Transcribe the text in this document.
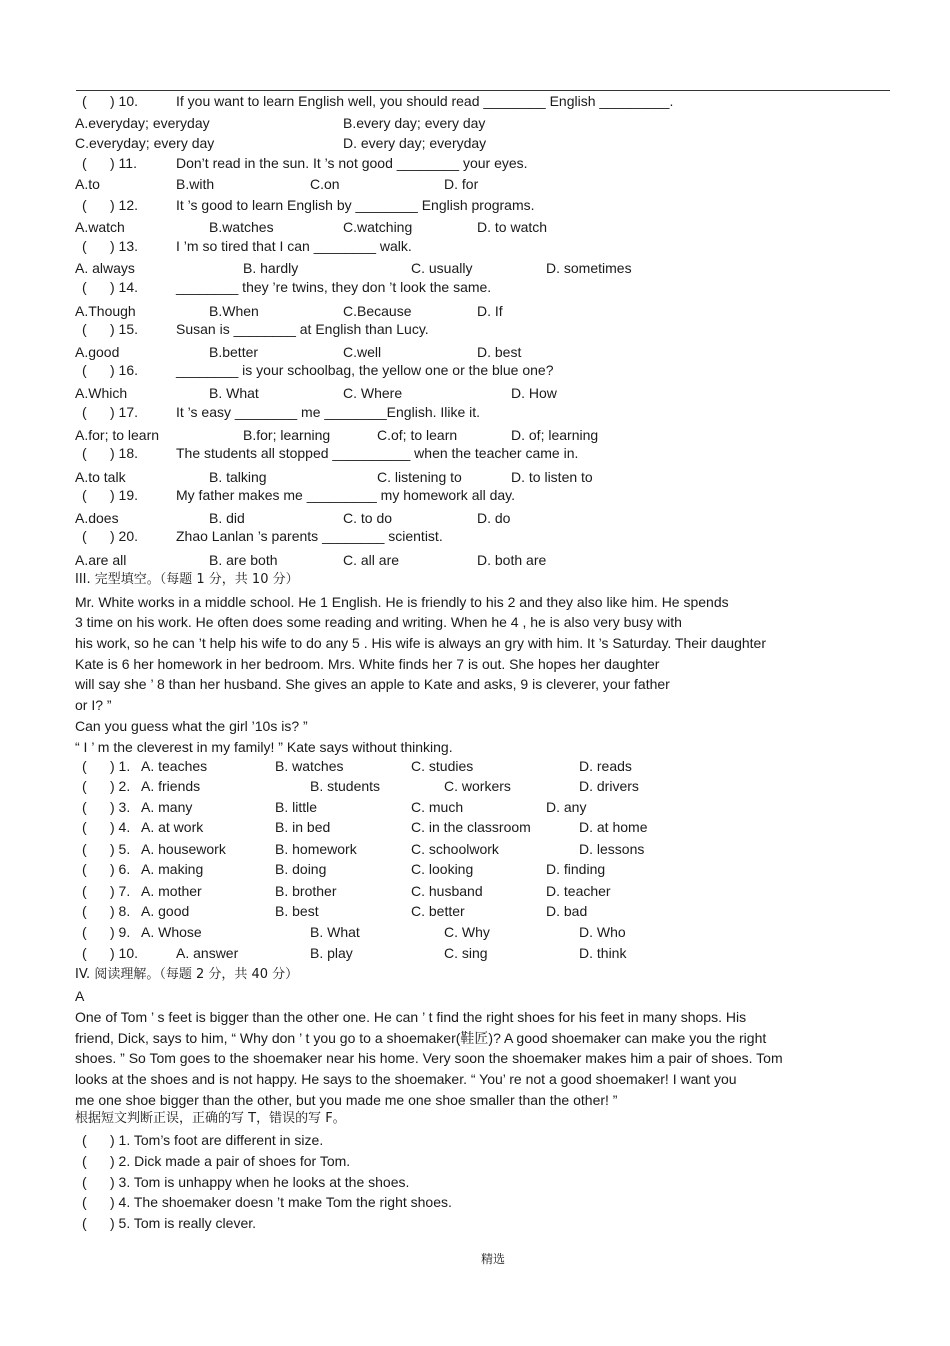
( ) 10.	If you want to learn English well, you should read ________ English _________.
A.everyday; everyday	B.every day; every day
C.everyday; every day	D. every day; everyday
( ) 11.	Don’t read in the sun. It ’s not good ________ your eyes.
A.to	B.with	C.on	D. for
( ) 12.	It ’s good to learn English by ________ English programs.
A.watch	B.watches	C.watching	D. to watch
( ) 13.	I ’m so tired that I can ________ walk.
A. always	B. hardly	C. usually	D. sometimes
( ) 14.	________ they ’re twins, they don ’t look the same.
A.Though	B.When	C.Because	D. If
( ) 15.	Susan is ________ at English than Lucy.
A.good	B.better	C.well	D. best
( ) 16.	________ is your schoolbag, the yellow one or the blue one?
A.Which	B. What	C. Where	D. How
( ) 17.	It ’s easy ________ me ________English. Ilike it.
A.for; to learn	B.for; learning	C.of; to learn	D. of; learning
( ) 18.	The students all stopped __________ when the teacher came in.
A.to talk	B. talking	C. listening to	D. to listen to
( ) 19.	My father makes me _________ my homework all day.
A.does	B. did	C. to do	D. do
( ) 20.	Zhao Lanlan ’s parents ________ scientist.
A.are all	B. are both	C. all are	D. both are
III. 完型填空。（每题 1 分，共 10 分）
Mr. White works in a middle school. He 1 English. He is friendly to his 2 and they also like him. He spends
3 time on his work. He often does some reading and writing. When he 4 , he is also very busy with
his work, so he can ’t help his wife to do any 5 . His wife is always an gry with him. It ’s Saturday. Their daughter
Kate is 6 her homework in her bedroom. Mrs. White finds her 7 is out. She hopes her daughter
will say she ’ 8 than her husband. She gives an apple to Kate and asks, 9 is cleverer, your father
or I? ”
Can you guess what the girl ’10s is? ”
“ I ’ m the cleverest in my family! ” Kate says without thinking.
( ) 1. A. teaches	B. watches	C. studies	D. reads
( ) 2. A. friends	B. students	C. workers	D. drivers
( ) 3. A. many	B. little	C. much	D. any
( ) 4. A. at work	B. in bed	C. in the classroom	D. at home
( ) 5. A. housework	B. homework	C. schoolwork	D. lessons
( ) 6. A. making	B. doing	C. looking	D. finding
( ) 7. A. mother	B. brother	C. husband	D. teacher
( ) 8. A. good	B. best	C. better	D. bad
( ) 9. A. Whose	B. What	C. Why	D. Who
( ) 10.	A. answer	B. play	C. sing	D. think
IV. 阅读理解。（每题 2 分，共 40 分）
A
One of Tom ’ s feet is bigger than the other one. He can ’ t find the right shoes for his feet in many shops. His
friend, Dick, says to him, “ Why don ’ t you go to a shoemaker(鞋匠)? A good shoemaker can make you the right
shoes. ” So Tom goes to the shoemaker near his home. Very soon the shoemaker makes him a pair of shoes. Tom
looks at the shoes and is not happy. He says to the shoemaker. “ You’ re not a good shoemaker! I want you
me one shoe bigger than the other, but you made me one shoe smaller than the other! ”
根据短文判断正误，正确的写 T，错误的写 F。
( ) 1. Tom’s foot are different in size.
( ) 2. Dick made a pair of shoes for Tom.
( ) 3. Tom is unhappy when he looks at the shoes.
( ) 4. The shoemaker doesn ’t make Tom the right shoes.
( ) 5. Tom is really clever.
精选
